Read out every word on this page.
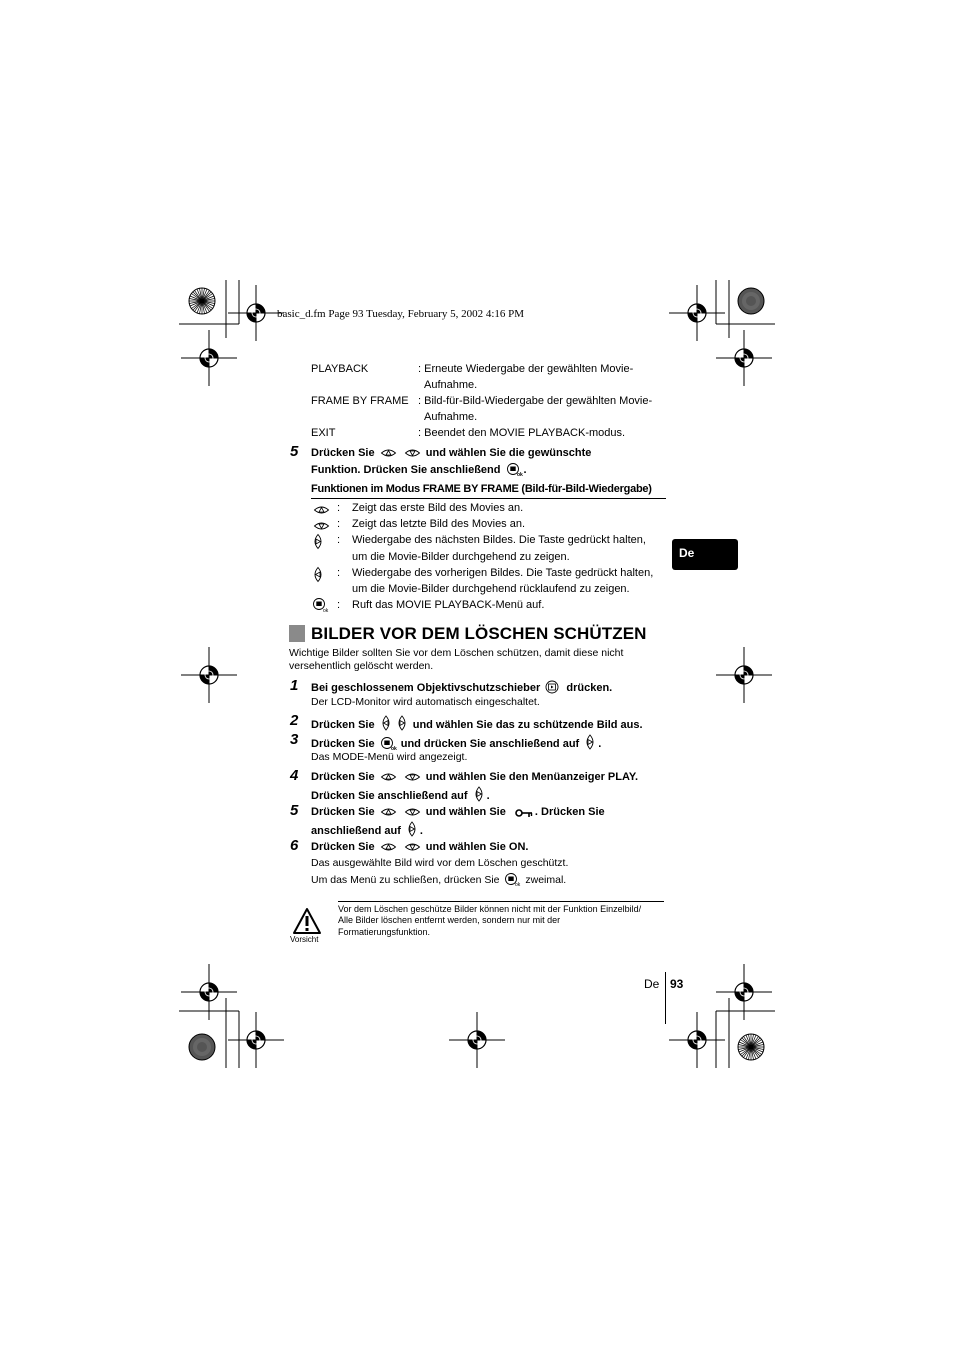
basic_d.fm Page 93 Tuesday, February 5, 2002 4:16 PM
De
PLAYBACK	: Erneute Wiedergabe der gewählten Movie-
Aufnahme.
FRAME BY FRAME : Bild-für-Bild-Wiedergabe der gewählten Movie-
Aufnahme.
EXIT	: Beendet den MOVIE PLAYBACK-modus.
5 Drücken Sie	und wählen Sie die gewünschte
Funktion. Drücken Sie anschließend	ok .
Funktionen im Modus FRAME BY FRAME (Bild-für-Bild-Wiedergabe)
: Zeigt das erste Bild des Movies an.
: Zeigt das letzte Bild des Movies an.
: Wiedergabe des nächsten Bildes. Die Taste gedrückt halten,
um die Movie-Bilder durchgehend zu zeigen.
: Wiedergabe des vorherigen Bildes. Die Taste gedrückt halten,
um die Movie-Bilder durchgehend rücklaufend zu zeigen.
ok : Ruft das MOVIE PLAYBACK-Menü auf.
BILDER VOR DEM LÖSCHEN SCHÜTZEN
Wichtige Bilder sollten Sie vor dem Löschen schützen, damit diese nicht
versehentlich gelöscht werden.
1 Bei geschlossenem Objektivschutzschieber drücken.
Der LCD-Monitor wird automatisch eingeschaltet.
2 Drücken Sie	und wählen Sie das zu schützende Bild aus.
3 Drücken Sie	ok und drücken Sie anschließend auf .
Das MODE-Menü wird angezeigt.
4 Drücken Sie	und wählen Sie den Menüanzeiger PLAY.
Drücken Sie anschließend auf .
5 Drücken Sie	und wählen Sie	. Drücken Sie
anschließend auf .
6 Drücken Sie	und wählen Sie ON.
Das ausgewählte Bild wird vor dem Löschen geschützt.
Um das Menü zu schließen, drücken Sie	ok zweimal.
Vorsicht
Vor dem Löschen geschütze Bilder können nicht mit der Funktion Einzelbild/
Alle Bilder löschen entfernt werden, sondern nur mit der
Formatierungsfunktion.
De 93
